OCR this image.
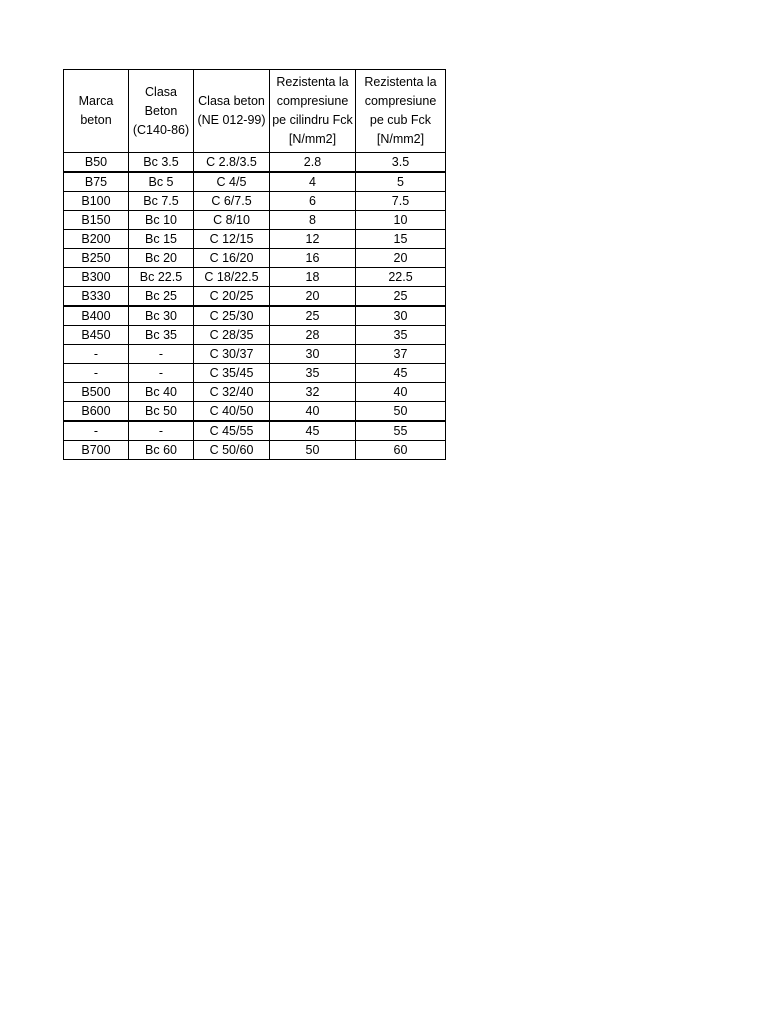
Marca beton	Clasa Beton (C140-86)	Clasa beton (NE 012-99)	Rezistenta la compresiune pe cilindru Fck [N/mm2]	Rezistenta la compresiune pe cub Fck [N/mm2]
B50	Bc 3.5	C 2.8/3.5	2.8	3.5
B75	Bc 5	C 4/5	4	5
B100	Bc 7.5	C 6/7.5	6	7.5
B150	Bc 10	C 8/10	8	10
B200	Bc 15	C 12/15	12	15
B250	Bc 20	C 16/20	16	20
B300	Bc 22.5	C 18/22.5	18	22.5
B330	Bc 25	C 20/25	20	25
B400	Bc 30	C 25/30	25	30
B450	Bc 35	C 28/35	28	35
-	-	C 30/37	30	37
-	-	C 35/45	35	45
B500	Bc 40	C 32/40	32	40
B600	Bc 50	C 40/50	40	50
-	-	C 45/55	45	55
B700	Bc 60	C 50/60	50	60
